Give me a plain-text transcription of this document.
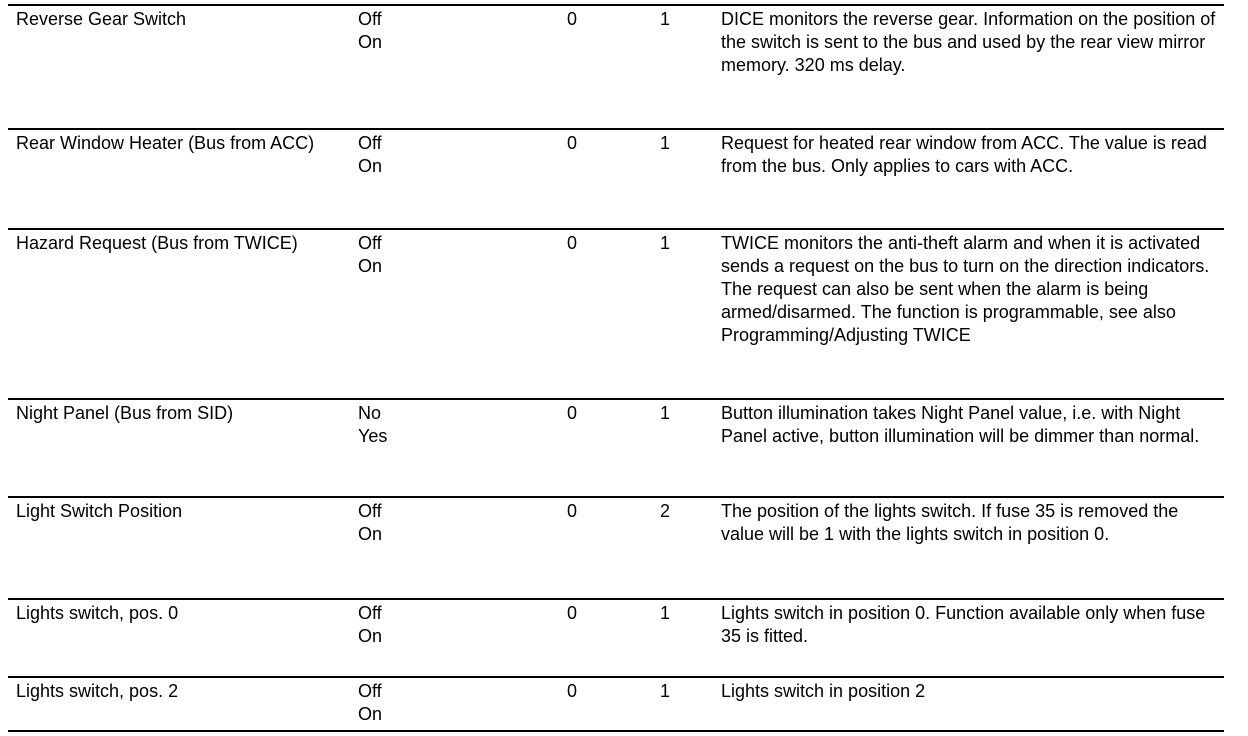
Reverse Gear Switch	Off
On
0	1	DICE monitors the reverse gear. Information on the position of the switch is sent to the bus and used by the rear view mirror memory. 320 ms delay.
Rear Window Heater (Bus from ACC)	Off
On
0	1	Request for heated rear window from ACC. The value is read from the bus. Only applies to cars with ACC.
Hazard Request (Bus from TWICE)	Off
On
0	1	TWICE monitors the anti-theft alarm and when it is activated sends a request on the bus to turn on the direction indicators. The request can also be sent when the alarm is being armed/disarmed. The function is programmable, see also Programming/Adjusting TWICE
Night Panel (Bus from SID)	No
Yes
0	1	Button illumination takes Night Panel value, i.e. with Night Panel active, button illumination will be dimmer than normal.
Light Switch Position	Off
On
0	2	The position of the lights switch. If fuse 35 is removed the value will be 1 with the lights switch in position 0.
Lights switch, pos. 0	Off
On
0	1	Lights switch in position 0. Function available only when fuse 35 is fitted.
Lights switch, pos. 2	Off
On
0	1	Lights switch in position 2
